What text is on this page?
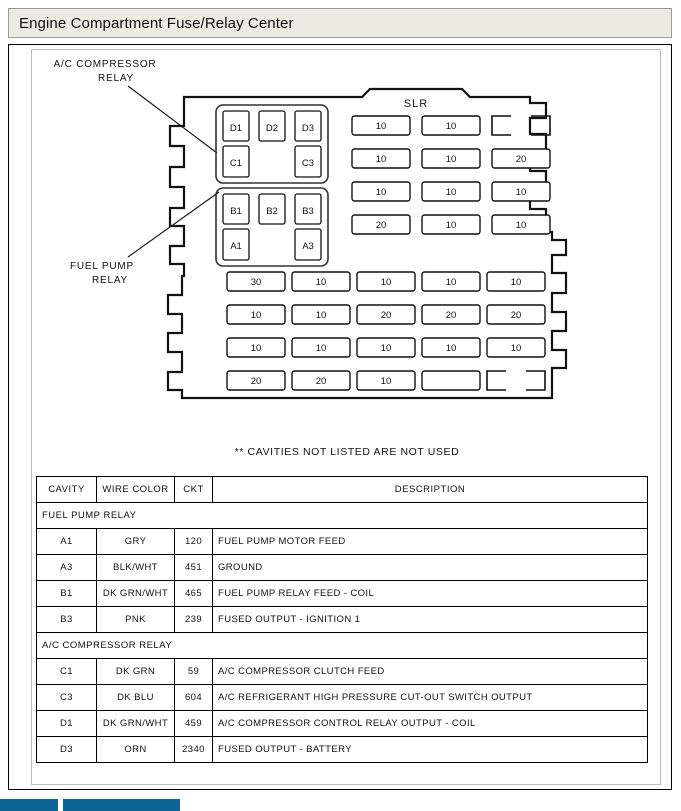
Engine Compartment Fuse/Relay Center
A/C COMPRESSOR
RELAY
FUEL PUMP
RELAY
SLR
D1	D2	D3
C1	C3
B1	B2	B3
A1	A3
10	10
10	10	20
10	10	10
20	10	10
30	10	10	10	10
10	10	20	20	20
10	10	10	10	10
20	20	10
** CAVITIES NOT LISTED ARE NOT USED
CAVITY	WIRE COLOR	CKT	DESCRIPTION
FUEL PUMP RELAY			
A1	GRY	120	FUEL PUMP MOTOR FEED
A3	BLK/WHT	451	GROUND
B1	DK GRN/WHT	465	FUEL PUMP RELAY FEED - COIL
B3	PNK	239	FUSED OUTPUT - IGNITION 1
A/C COMPRESSOR RELAY			
C1	DK GRN	59	A/C COMPRESSOR CLUTCH FEED
C3	DK BLU	604	A/C REFRIGERANT HIGH PRESSURE CUT-OUT SWITCH OUTPUT
D1	DK GRN/WHT	459	A/C COMPRESSOR CONTROL RELAY OUTPUT - COIL
D3	ORN	2340	FUSED OUTPUT - BATTERY
